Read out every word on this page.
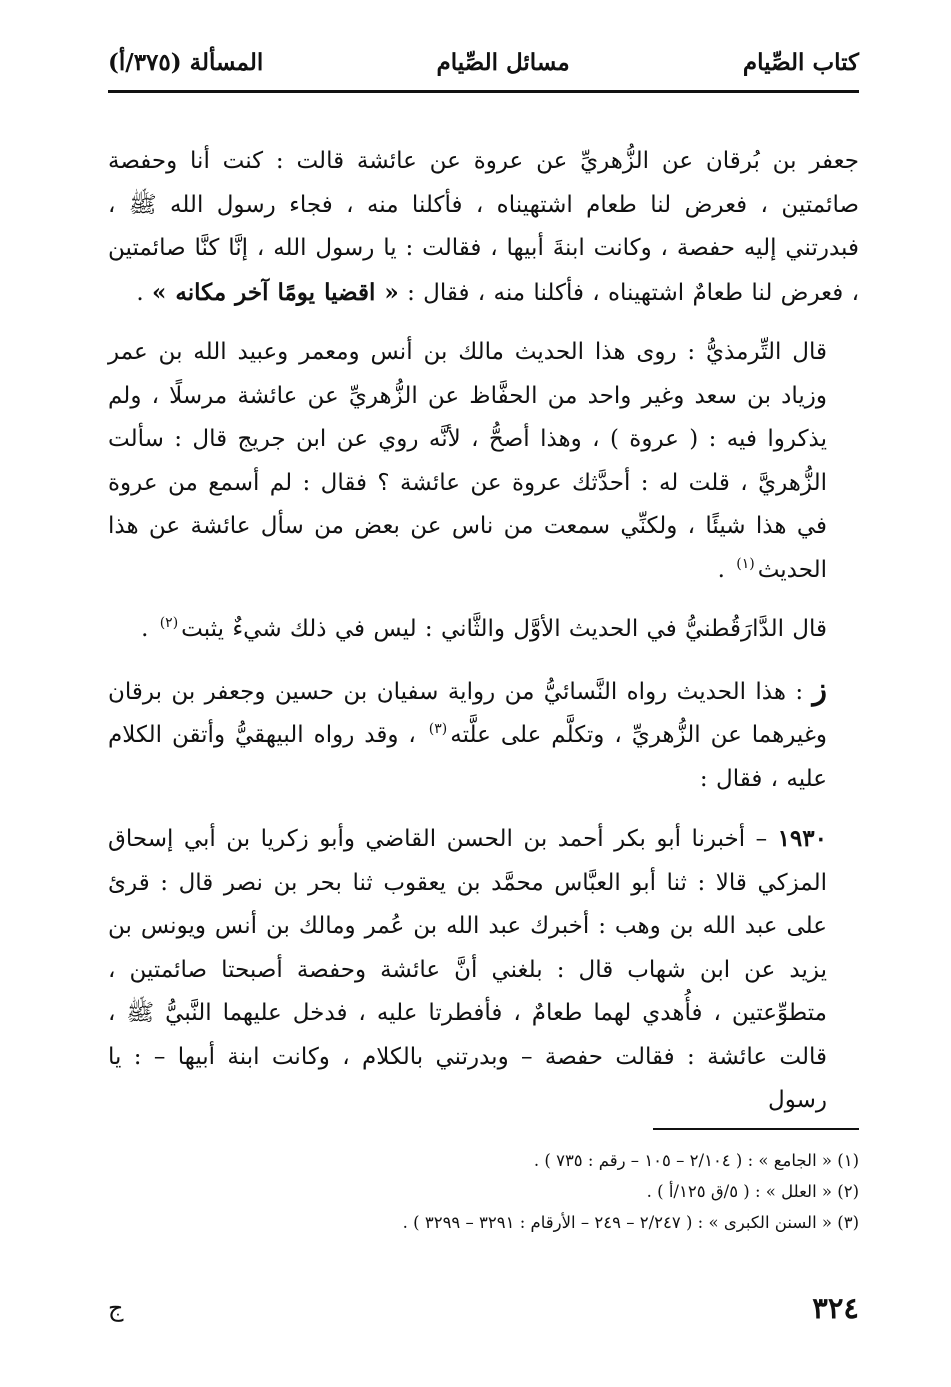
كتاب الصِّيام
مسائل الصِّيام
المسألة (٣٧٥/أ)

جعفر بن بُرقان عن الزُّهريِّ عن عروة عن عائشة قالت : كنت أنا وحفصة صائمتين ، فعرض لنا طعام اشتهيناه ، فأكلنا منه ، فجاء رسول الله ﷺ ، فبدرتني إليه حفصة ، وكانت ابنةَ أبيها ، فقالت : يا رسول الله ، إنَّا كنَّا صائمتين ، فعرض لنا طعامٌ اشتهيناه ، فأكلنا منه ، فقال : « اقضيا يومًا آخر مكانه » .

قال التِّرمذيُّ : روى هذا الحديث مالك بن أنس ومعمر وعبيد الله بن عمر وزياد بن سعد وغير واحد من الحفَّاظ عن الزُّهريِّ عن عائشة مرسلًا ، ولم يذكروا فيه : ( عروة ) ، وهذا أصحُّ ، لأنَّه روي عن ابن جريج قال : سألت الزُّهريَّ ، قلت له : أحدَّثك عروة عن عائشة ؟ فقال : لم أسمع من عروة في هذا شيئًا ، ولكنِّي سمعت من ناس عن بعض من سأل عائشة عن هذا الحديث$^{(١)}$ .

قال الدَّارَقُطنيُّ في الحديث الأوَّل والثَّاني : ليس في ذلك شيءٌ يثبت$^{(٢)}$ .

ز : هذا الحديث رواه النَّسائيُّ من رواية سفيان بن حسين وجعفر بن برقان وغيرهما عن الزُّهريِّ ، وتكلَّم على علَّته$^{(٣)}$ ، وقد رواه البيهقيُّ وأتقن الكلام عليه ، فقال :

١٩٣٠ – أخبرنا أبو بكر أحمد بن الحسن القاضي وأبو زكريا بن أبي إسحاق المزكي قالا : ثنا أبو العبَّاس محمَّد بن يعقوب ثنا بحر بن نصر قال : قرئ على عبد الله بن وهب : أخبرك عبد الله بن عُمر ومالك بن أنس ويونس بن يزيد عن ابن شهاب قال : بلغني أنَّ عائشة وحفصة أصبحتا صائمتين ، متطوِّعتين ، فأُهدي لهما طعامٌ ، فأفطرتا عليه ، فدخل عليهما النَّبيُّ ﷺ ، قالت عائشة : فقالت حفصة – وبدرتني بالكلام ، وكانت ابنة أبيها – : يا رسول

(١) « الجامع » : ( ٢/١٠٤ – ١٠٥ – رقم : ٧٣٥ ) .
(٢) « العلل » : ( ٥/ق ١٢٥/أ ) .
(٣) « السنن الكبرى » : ( ٢/٢٤٧ – ٢٤٩ – الأرقام : ٣٢٩١ – ٣٢٩٩ ) .
٣٢٤
ج
